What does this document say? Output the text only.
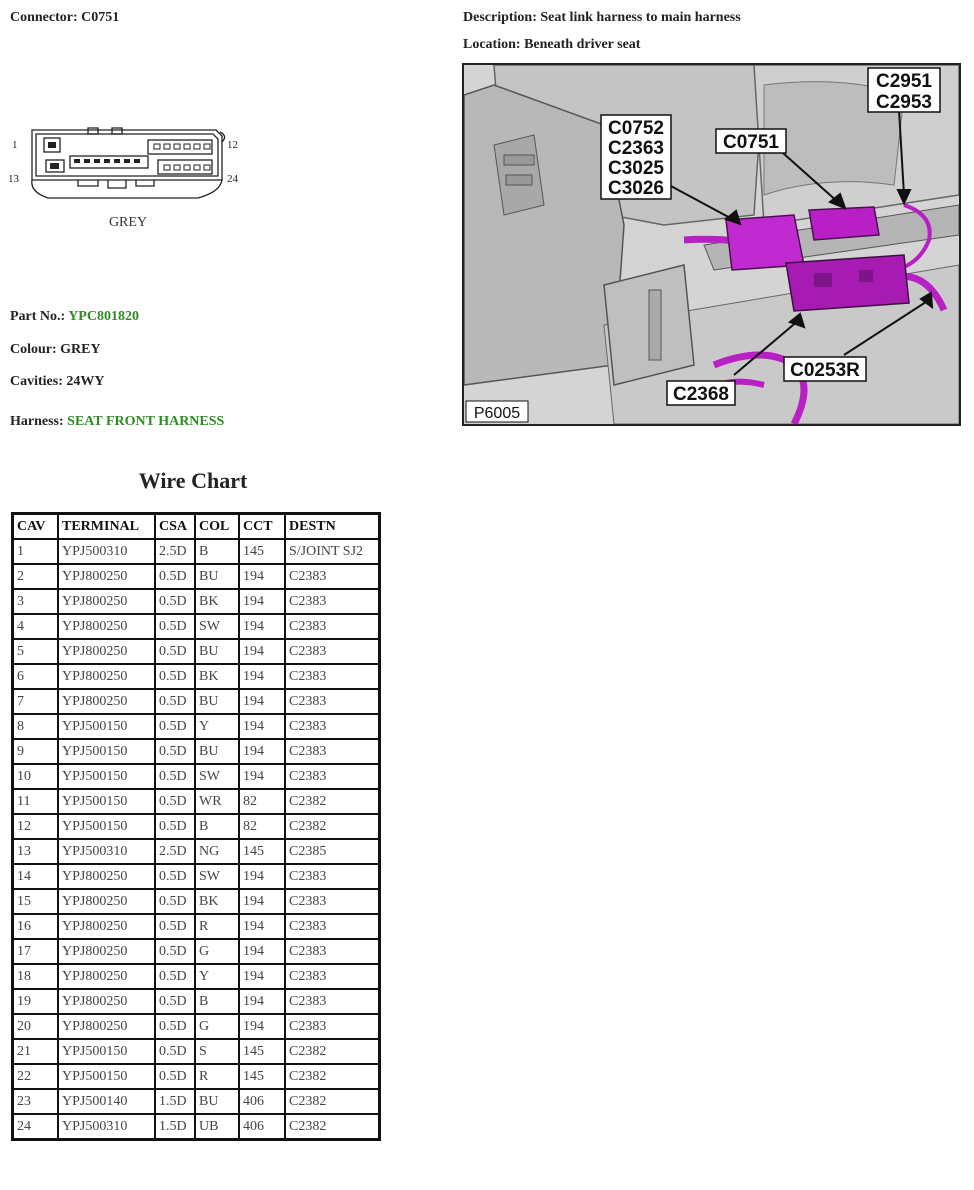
Connector: C0751	Description: Seat link harness to main harness
Location: Beneath driver seat
1	12
13	24
GREY
Part No.: YPC801820
Colour: GREY
Cavities: 24WY
Harness: SEAT FRONT HARNESS
C2951
C2953
C0752
C2363
C3025
C3026
C0751
C0253R
C2368
P6005
Wire Chart
CAV	TERMINAL	CSA	COL	CCT	DESTN
1	YPJ500310	2.5D	B	145	S/JOINT SJ2
2	YPJ800250	0.5D	BU	194	C2383
3	YPJ800250	0.5D	BK	194	C2383
4	YPJ800250	0.5D	SW	194	C2383
5	YPJ800250	0.5D	BU	194	C2383
6	YPJ800250	0.5D	BK	194	C2383
7	YPJ800250	0.5D	BU	194	C2383
8	YPJ500150	0.5D	Y	194	C2383
9	YPJ500150	0.5D	BU	194	C2383
10	YPJ500150	0.5D	SW	194	C2383
11	YPJ500150	0.5D	WR	82	C2382
12	YPJ500150	0.5D	B	82	C2382
13	YPJ500310	2.5D	NG	145	C2385
14	YPJ800250	0.5D	SW	194	C2383
15	YPJ800250	0.5D	BK	194	C2383
16	YPJ800250	0.5D	R	194	C2383
17	YPJ800250	0.5D	G	194	C2383
18	YPJ800250	0.5D	Y	194	C2383
19	YPJ800250	0.5D	B	194	C2383
20	YPJ800250	0.5D	G	194	C2383
21	YPJ500150	0.5D	S	145	C2382
22	YPJ500150	0.5D	R	145	C2382
23	YPJ500140	1.5D	BU	406	C2382
24	YPJ500310	1.5D	UB	406	C2382
